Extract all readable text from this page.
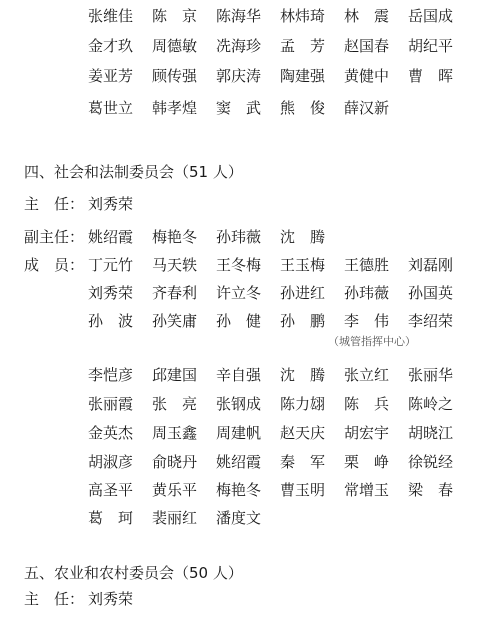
张维佳	陈　京	陈海华	林炜琦	林　震	岳国成
金才玖	周德敏	冼海珍	孟　芳	赵国春	胡纪平
姜亚芳	顾传强	郭庆涛	陶建强	黄健中	曹　晖
葛世立	韩孝煌	窦　武	熊　俊	薛汉新
四、社会和法制委员会（51 人）
主　任： 刘秀荣
副主任： 姚绍霞	梅艳冬	孙玮薇	沈　腾
成　员： 丁元竹	马天轶	王冬梅	王玉梅	王德胜	刘磊刚
刘秀荣	齐春利	许立冬	孙进红	孙玮薇	孙国英
孙　波	孙笑庸	孙　健	孙　鹏	李　伟	李绍荣
（城管指挥中心）
李恺彦	邱建国	辛自强	沈　腾	张立红	张丽华
张丽霞	张　亮	张钢成	陈力翃	陈　兵	陈岭之
金英杰	周玉鑫	周建帆	赵天庆	胡宏宇	胡晓江
胡淑彦	俞晓丹	姚绍霞	秦　军	栗　峥	徐锐经
高圣平	黄乐平	梅艳冬	曹玉明	常增玉	梁　春
葛　珂	裴丽红	潘度文
五、农业和农村委员会（50 人）
主　任： 刘秀荣
